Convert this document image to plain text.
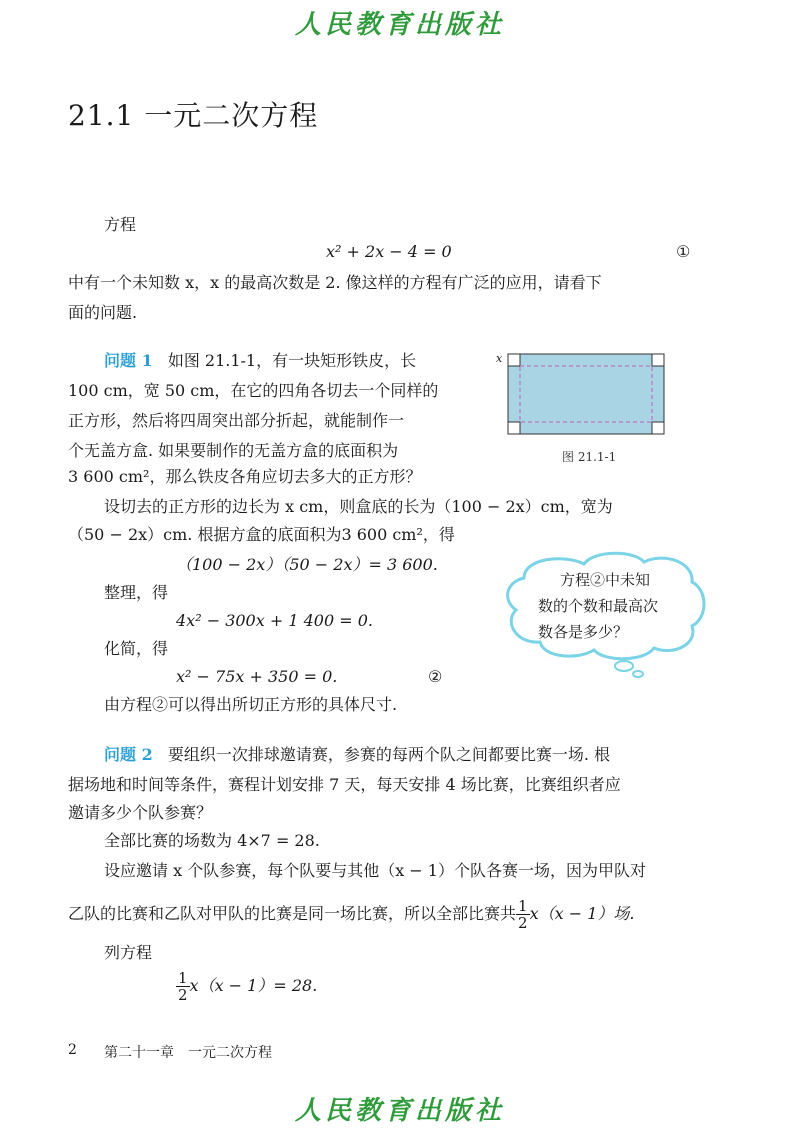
人民教育出版社
21.1 一元二次方程
方程
x² + 2x − 4 = 0	①
中有一个未知数 x，x 的最高次数是 2. 像这样的方程有广泛的应用，请看下
面的问题.
问题 1 如图 21.1-1，有一块矩形铁皮，长
100 cm，宽 50 cm，在它的四角各切去一个同样的
正方形，然后将四周突出部分折起，就能制作一
个无盖方盒. 如果要制作的无盖方盒的底面积为
3 600 cm²，那么铁皮各角应切去多大的正方形？
x
图 21.1-1
设切去的正方形的边长为 x cm，则盒底的长为（100 − 2x）cm，宽为
（50 − 2x）cm. 根据方盒的底面积为3 600 cm²，得
（100 − 2x）（50 − 2x）= 3 600.
整理，得
4x² − 300x + 1 400 = 0.
化简，得
x² − 75x + 350 = 0.	②
由方程②可以得出所切正方形的具体尺寸.
方程②中未知
数的个数和最高次
数各是多少？
问题 2 要组织一次排球邀请赛，参赛的每两个队之间都要比赛一场. 根
据场地和时间等条件，赛程计划安排 7 天，每天安排 4 场比赛，比赛组织者应
邀请多少个队参赛？
全部比赛的场数为 4×7 = 28.
设应邀请 x 个队参赛，每个队要与其他（x − 1）个队各赛一场，因为甲队对
乙队的比赛和乙队对甲队的比赛是同一场比赛，所以全部比赛共 $\frac{1}{2} x(x - 1)$场.
列方程
$\frac{1}{2} x(x - 1)= 28$.
2 第二十一章　一元二次方程
人民教育出版社
